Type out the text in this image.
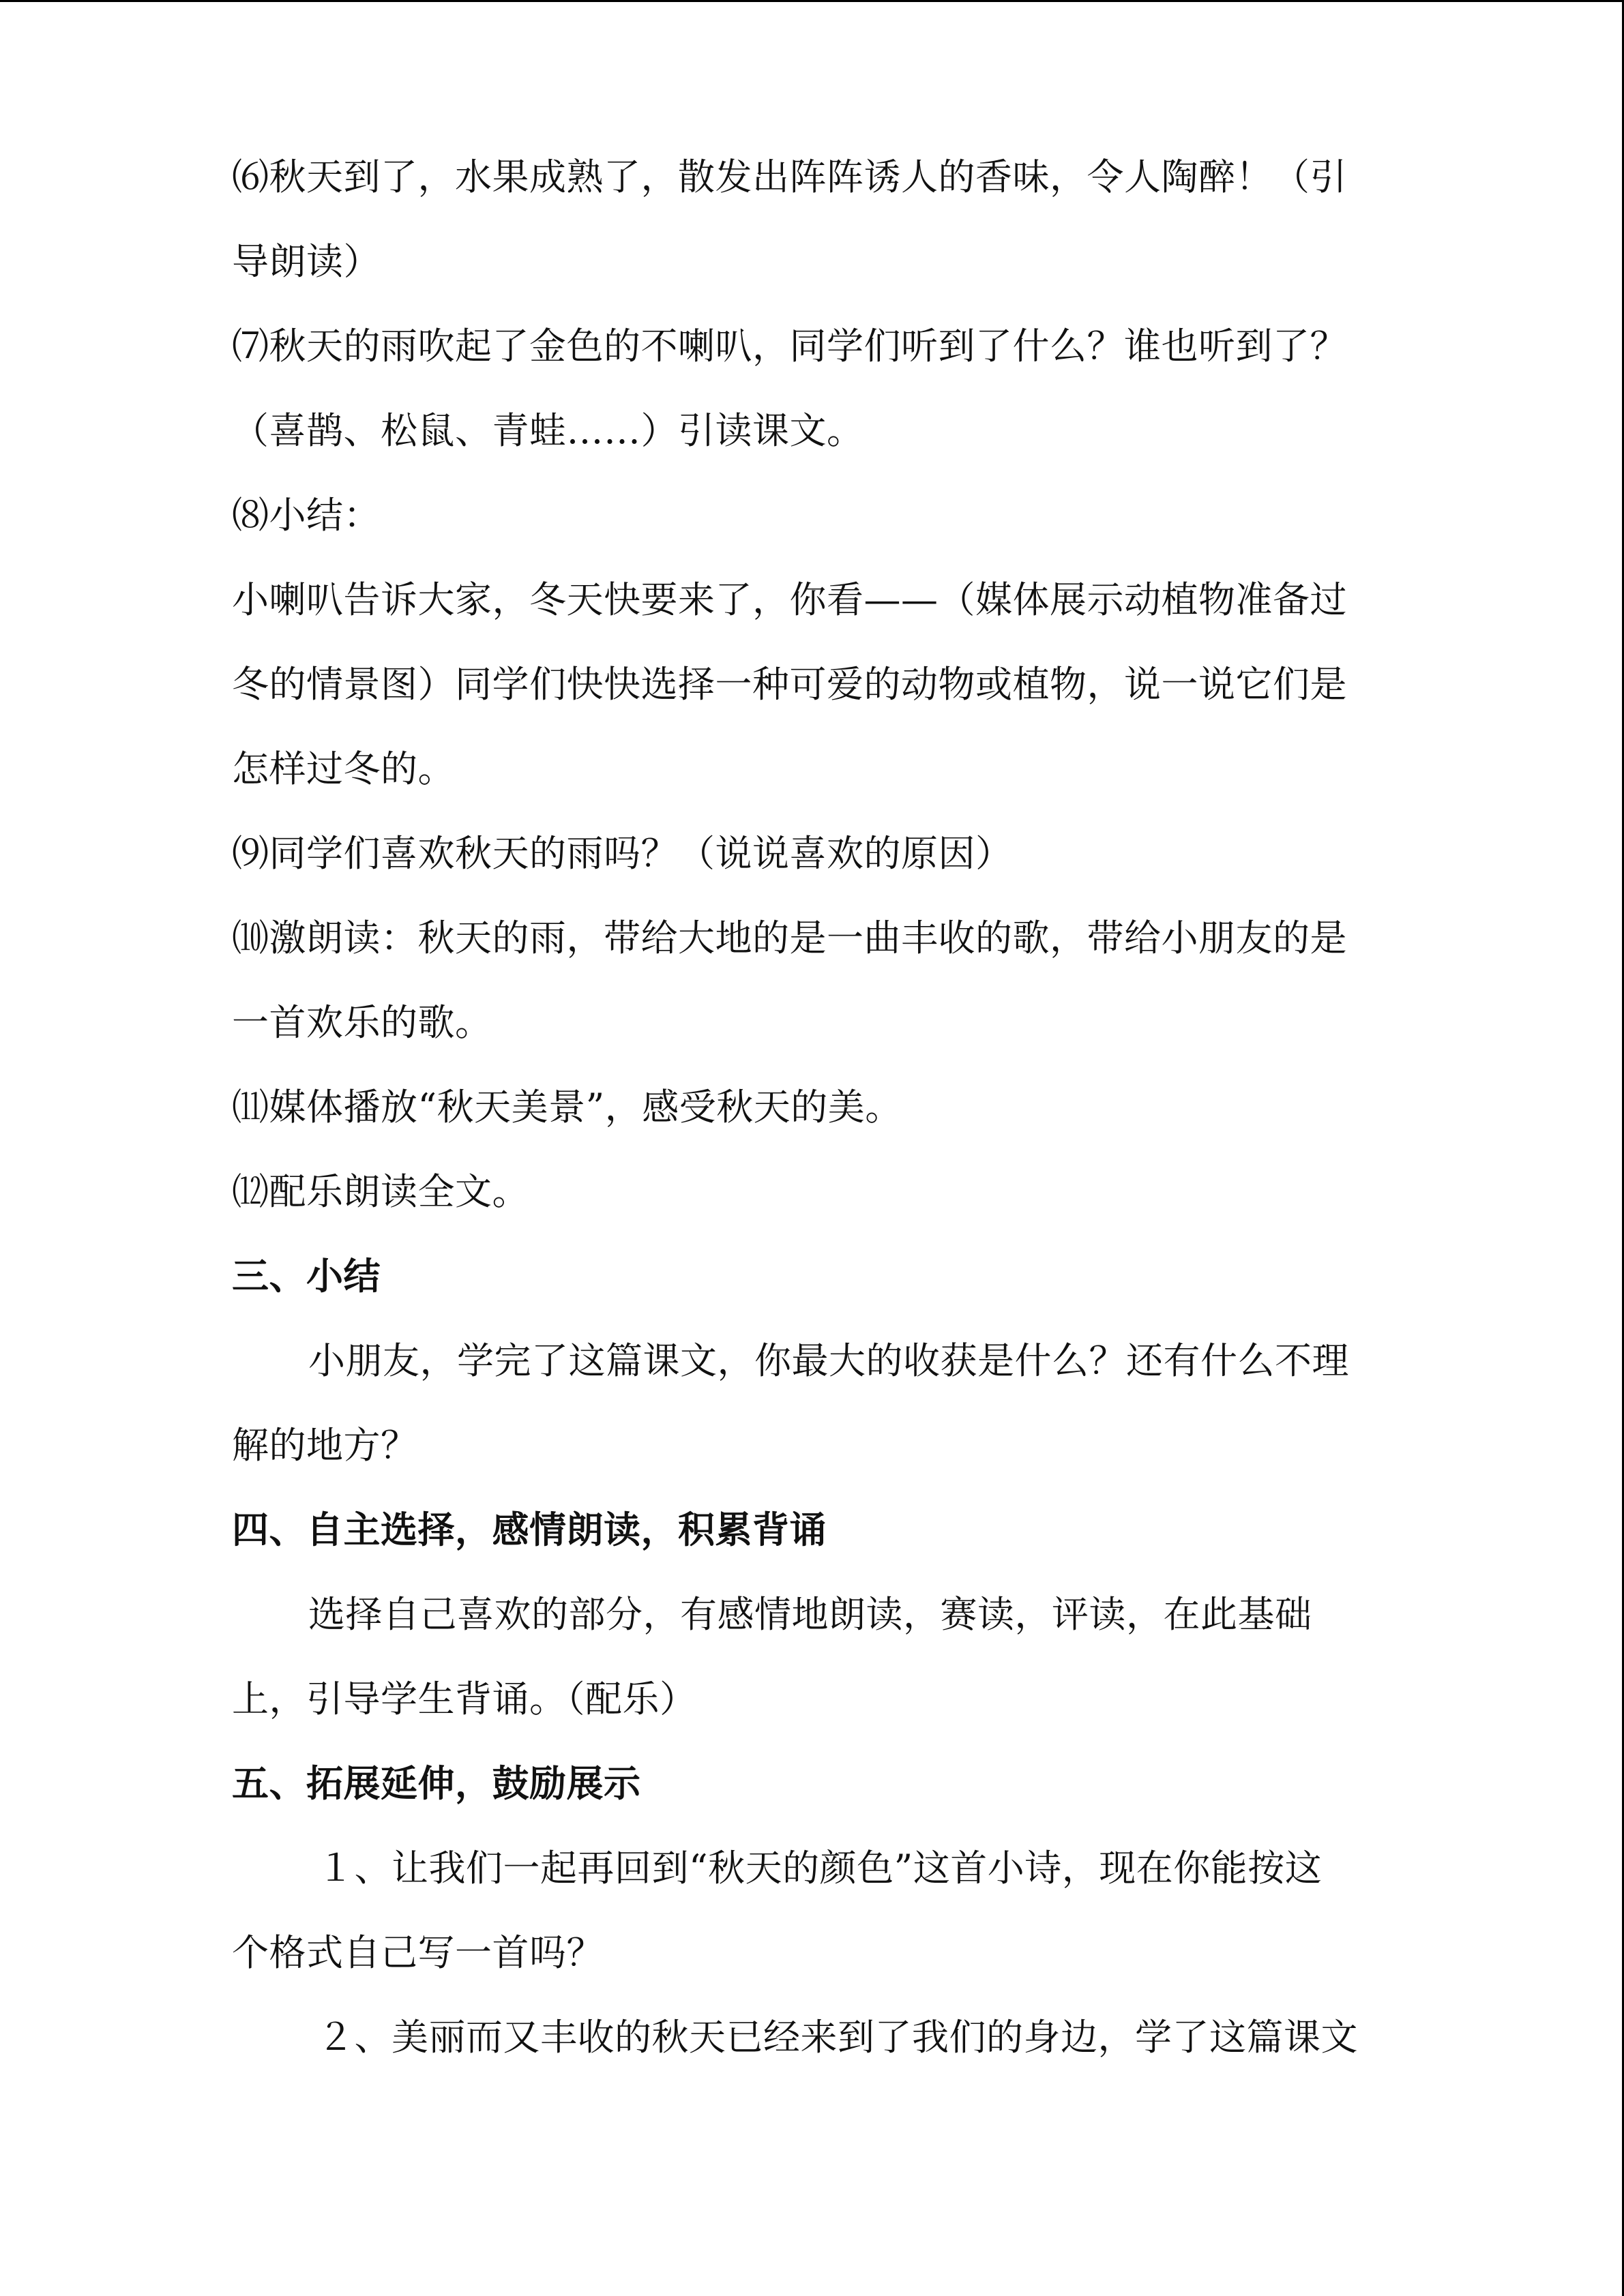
⑹秋天到了，水果成熟了，散发出阵阵诱人的香味，令人陶醉！（引
导朗读）
⑺秋天的雨吹起了金色的不喇叭，同学们听到了什么？谁也听到了？
（喜鹊、松鼠、青蛙……）引读课文。
⑻小结：
小喇叭告诉大家，冬天快要来了，你看——（媒体展示动植物准备过
冬的情景图）同学们快快选择一种可爱的动物或植物，说一说它们是
怎样过冬的。
⑼同学们喜欢秋天的雨吗？（说说喜欢的原因）
⑽激朗读：秋天的雨，带给大地的是一曲丰收的歌，带给小朋友的是
一首欢乐的歌。
⑾媒体播放“秋天美景”，感受秋天的美。
⑿配乐朗读全文。
三、小结
小朋友，学完了这篇课文，你最大的收获是什么？还有什么不理
解的地方？
四、自主选择，感情朗读，积累背诵
选择自己喜欢的部分，有感情地朗读，赛读，评读，在此基础
上，引导学生背诵。（配乐）
五、拓展延伸，鼓励展示
１、让我们一起再回到“秋天的颜色”这首小诗，现在你能按这
个格式自己写一首吗？
２、美丽而又丰收的秋天已经来到了我们的身边，学了这篇课文
